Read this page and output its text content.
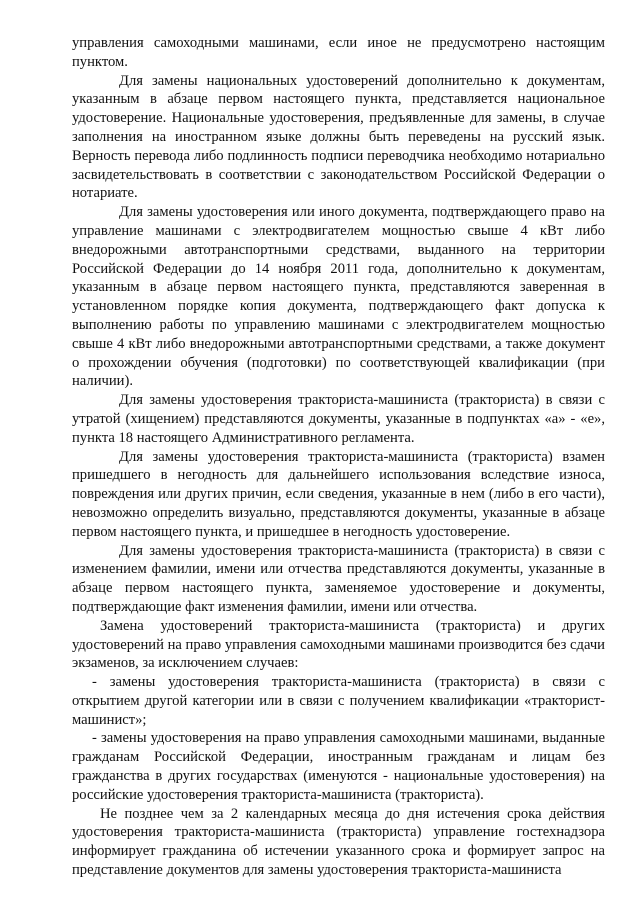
управления самоходными машинами, если иное не предусмотрено настоящим пунктом.

Для замены национальных удостоверений дополнительно к документам, указанным в абзаце первом настоящего пункта, представляется национальное удостоверение. Национальные удостоверения, предъявленные для замены, в случае заполнения на иностранном языке должны быть переведены на русский язык. Верность перевода либо подлинность подписи переводчика необходимо нотариально засвидетельствовать в соответствии с законодательством Российской Федерации о нотариате.

Для замены удостоверения или иного документа, подтверждающего право на управление машинами с электродвигателем мощностью свыше 4 кВт либо внедорожными автотранспортными средствами, выданного на территории Российской Федерации до 14 ноября 2011 года, дополнительно к документам, указанным в абзаце первом настоящего пункта, представляются заверенная в установленном порядке копия документа, подтверждающего факт допуска к выполнению работы по управлению машинами с электродвигателем мощностью свыше 4 кВт либо внедорожными автотранспортными средствами, а также документ о прохождении обучения (подготовки) по соответствующей квалификации (при наличии).

Для замены удостоверения тракториста-машиниста (тракториста) в связи с утратой (хищением) представляются документы, указанные в подпунктах «а» - «е», пункта 18 настоящего Административного регламента.

Для замены удостоверения тракториста-машиниста (тракториста) взамен пришедшего в негодность для дальнейшего использования вследствие износа, повреждения или других причин, если сведения, указанные в нем (либо в его части), невозможно определить визуально, представляются документы, указанные в абзаце первом настоящего пункта, и пришедшее в негодность удостоверение.

Для замены удостоверения тракториста-машиниста (тракториста) в связи с изменением фамилии, имени или отчества представляются документы, указанные в абзаце первом настоящего пункта, заменяемое удостоверение и документы, подтверждающие факт изменения фамилии, имени или отчества.

Замена удостоверений тракториста-машиниста (тракториста) и других удостоверений на право управления самоходными машинами производится без сдачи экзаменов, за исключением случаев:

- замены удостоверения тракториста-машиниста (тракториста) в связи с открытием другой категории или в связи с получением квалификации «тракторист-машинист»;

- замены удостоверения на право управления самоходными машинами, выданные гражданам Российской Федерации, иностранным гражданам и лицам без гражданства в других государствах (именуются - национальные удостоверения) на российские удостоверения тракториста-машиниста (тракториста).

Не позднее чем за 2 календарных месяца до дня истечения срока действия удостоверения тракториста-машиниста (тракториста) управление гостехнадзора информирует гражданина об истечении указанного срока и формирует запрос на представление документов для замены удостоверения тракториста-машиниста
